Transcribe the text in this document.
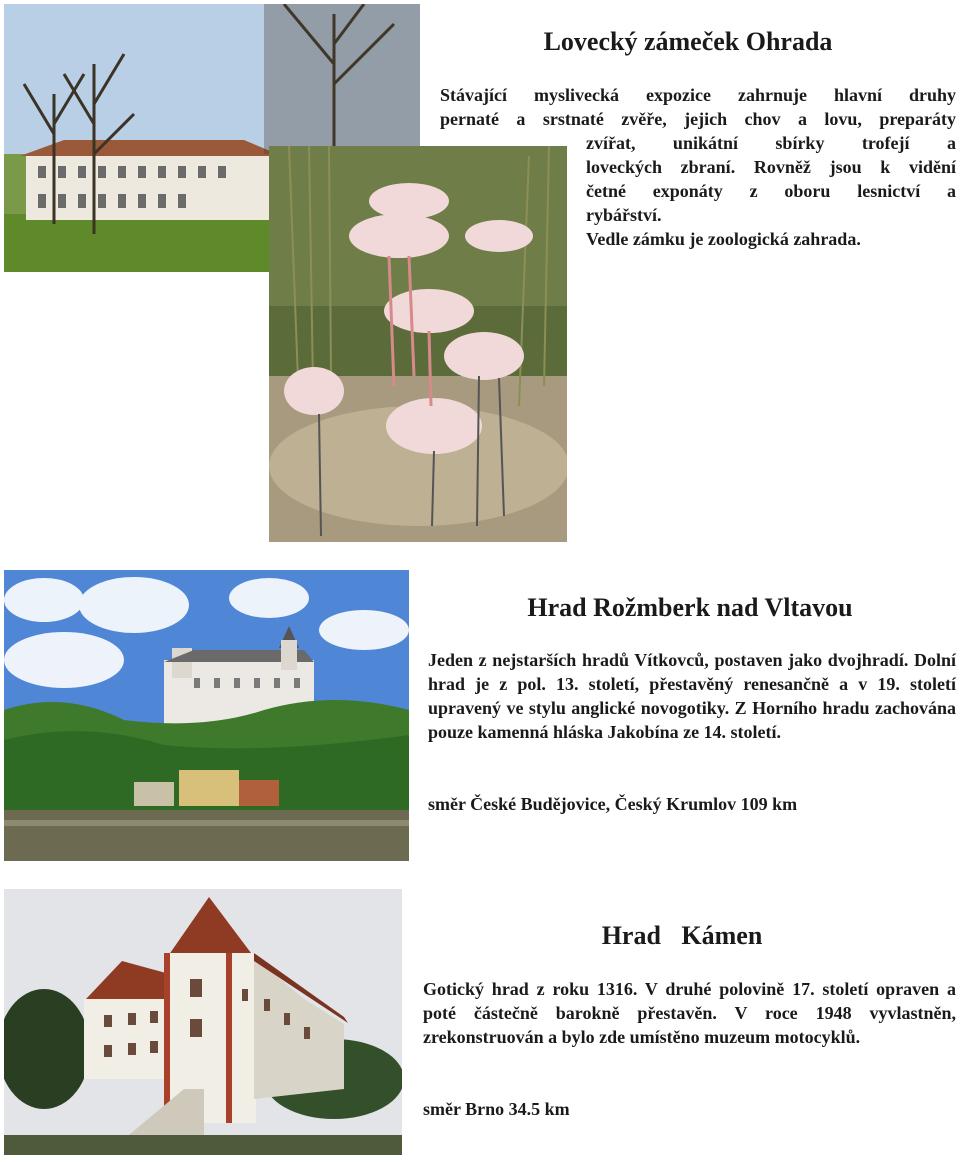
Lovecký zámeček Ohrada
Stávající myslivecká expozice zahrnuje hlavní druhy
pernaté a srstnaté zvěře, jejich chov a lovu, preparáty
zvířat, unikátní sbírky trofejí a
loveckých zbraní. Rovněž jsou k vidění
četné exponáty z oboru lesnictví a
rybářství.
Vedle zámku je zoologická zahrada.
Hrad Rožmberk nad Vltavou

Jeden z nejstarších hradů Vítkovců, postaven jako dvojhradí. Dolní hrad je z pol. 13. století, přestavěný renesančně a v 19. století upravený ve stylu anglické novogotiky. Z Horního hradu zachována pouze kamenná hláska Jakobína ze 14. století.

směr České Budějovice, Český Krumlov 109 km

Hrad Kámen

Gotický hrad z roku 1316. V druhé polovině 17. století opraven a poté částečně barokně přestavěn. V roce 1948 vyvlastněn, zrekonstruován a bylo zde umístěno muzeum motocyklů.

směr Brno 34.5 km
